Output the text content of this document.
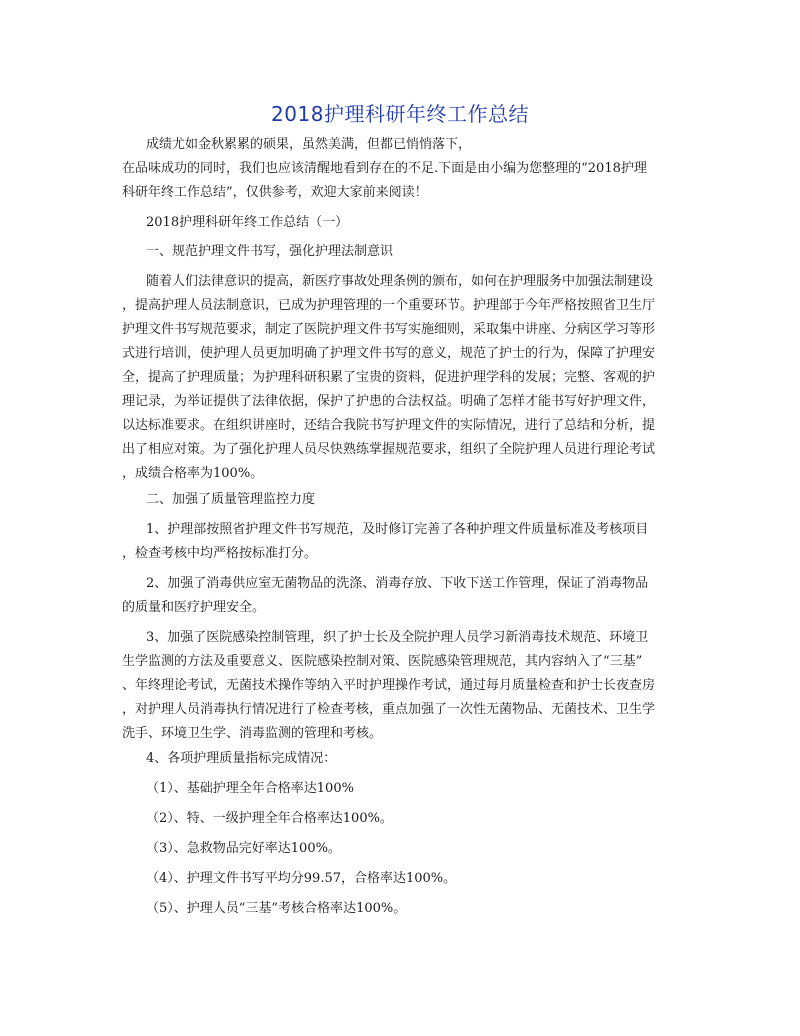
2018护理科研年终工作总结

成绩尤如金秋累累的硕果，虽然美满，但都已悄悄落下，

在品味成功的同时，我们也应该清醒地看到存在的不足.下面是由小编为您整理的“2018护理

科研年终工作总结”，仅供参考，欢迎大家前来阅读！

2018护理科研年终工作总结（一）

一、规范护理文件书写，强化护理法制意识

随着人们法律意识的提高，新医疗事故处理条例的颁布，如何在护理服务中加强法制建设

，提高护理人员法制意识，已成为护理管理的一个重要环节。护理部于今年严格按照省卫生厅

护理文件书写规范要求，制定了医院护理文件书写实施细则，采取集中讲座、分病区学习等形

式进行培训，使护理人员更加明确了护理文件书写的意义，规范了护士的行为，保障了护理安

全，提高了护理质量；为护理科研积累了宝贵的资料，促进护理学科的发展；完整、客观的护

理记录，为举证提供了法律依据，保护了护患的合法权益。明确了怎样才能书写好护理文件，

以达标准要求。在组织讲座时，还结合我院书写护理文件的实际情况，进行了总结和分析，提

出了相应对策。为了强化护理人员尽快熟练掌握规范要求，组织了全院护理人员进行理论考试

，成绩合格率为100%。

二、加强了质量管理监控力度

1、护理部按照省护理文件书写规范，及时修订完善了各种护理文件质量标准及考核项目

，检查考核中均严格按标准打分。

2、加强了消毒供应室无菌物品的洗涤、消毒存放、下收下送工作管理，保证了消毒物品

的质量和医疗护理安全。

3、加强了医院感染控制管理，织了护士长及全院护理人员学习新消毒技术规范、环境卫

生学监测的方法及重要意义、医院感染控制对策、医院感染管理规范，其内容纳入了“三基”

、年终理论考试，无菌技术操作等纳入平时护理操作考试，通过每月质量检查和护士长夜查房

，对护理人员消毒执行情况进行了检查考核，重点加强了一次性无菌物品、无菌技术、卫生学

洗手、环境卫生学、消毒监测的管理和考核。

4、各项护理质量指标完成情况：

（1）、基础护理全年合格率达100%

（2）、特、一级护理全年合格率达100%。

（3）、急救物品完好率达100%。

（4）、护理文件书写平均分99.57，合格率达100%。

（5）、护理人员“三基”考核合格率达100%。
